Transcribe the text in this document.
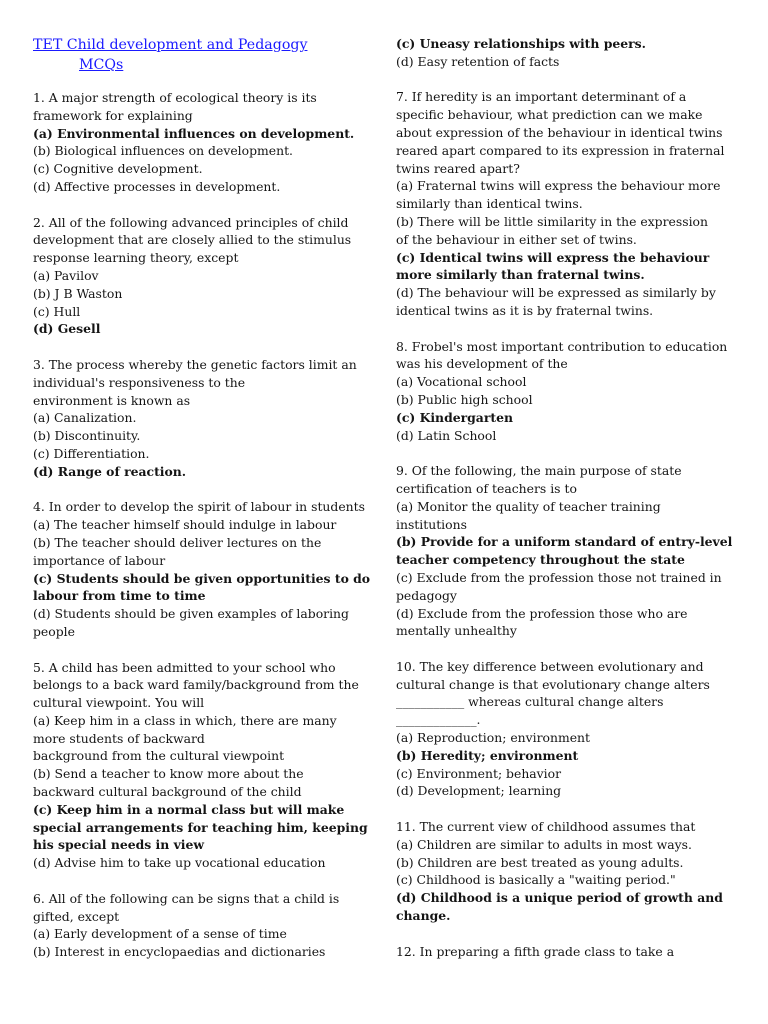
TET Child development and Pedagogy
MCQs
1. A major strength of ecological theory is its
framework for explaining
(a) Environmental influences on development.
(b) Biological influences on development.
(c) Cognitive development.
(d) Affective processes in development.
2. All of the following advanced principles of child
development that are closely allied to the stimulus
response learning theory, except
(a) Pavilov
(b) J B Waston
(c) Hull
(d) Gesell
3. The process whereby the genetic factors limit an
individual's responsiveness to the
environment is known as
(a) Canalization.
(b) Discontinuity.
(c) Differentiation.
(d) Range of reaction.
4. In order to develop the spirit of labour in students
(a) The teacher himself should indulge in labour
(b) The teacher should deliver lectures on the
importance of labour
(c) Students should be given opportunities to do
labour from time to time
(d) Students should be given examples of laboring
people
5. A child has been admitted to your school who
belongs to a back ward family/background from the
cultural viewpoint. You will
(a) Keep him in a class in which, there are many
more students of backward
background from the cultural viewpoint
(b) Send a teacher to know more about the
backward cultural background of the child
(c) Keep him in a normal class but will make
special arrangements for teaching him, keeping
his special needs in view
(d) Advise him to take up vocational education
6. All of the following can be signs that a child is
gifted, except
(a) Early development of a sense of time
(b) Interest in encyclopaedias and dictionaries
(c) Uneasy relationships with peers.
(d) Easy retention of facts
7. If heredity is an important determinant of a
specific behaviour, what prediction can we make
about expression of the behaviour in identical twins
reared apart compared to its expression in fraternal
twins reared apart?
(a) Fraternal twins will express the behaviour more
similarly than identical twins.
(b) There will be little similarity in the expression
of the behaviour in either set of twins.
(c) Identical twins will express the behaviour
more similarly than fraternal twins.
(d) The behaviour will be expressed as similarly by
identical twins as it is by fraternal twins.
8. Frobel's most important contribution to education
was his development of the
(a) Vocational school
(b) Public high school
(c) Kindergarten
(d) Latin School
9. Of the following, the main purpose of state
certification of teachers is to
(a) Monitor the quality of teacher training
institutions
(b) Provide for a uniform standard of entry-level
teacher competency throughout the state
(c) Exclude from the profession those not trained in
pedagogy
(d) Exclude from the profession those who are
mentally unhealthy
10. The key difference between evolutionary and
cultural change is that evolutionary change alters
___________ whereas cultural change alters
_____________.
(a) Reproduction; environment
(b) Heredity; environment
(c) Environment; behavior
(d) Development; learning
11. The current view of childhood assumes that
(a) Children are similar to adults in most ways.
(b) Children are best treated as young adults.
(c) Childhood is basically a "waiting period."
(d) Childhood is a unique period of growth and
change.
12. In preparing a fifth grade class to take a
